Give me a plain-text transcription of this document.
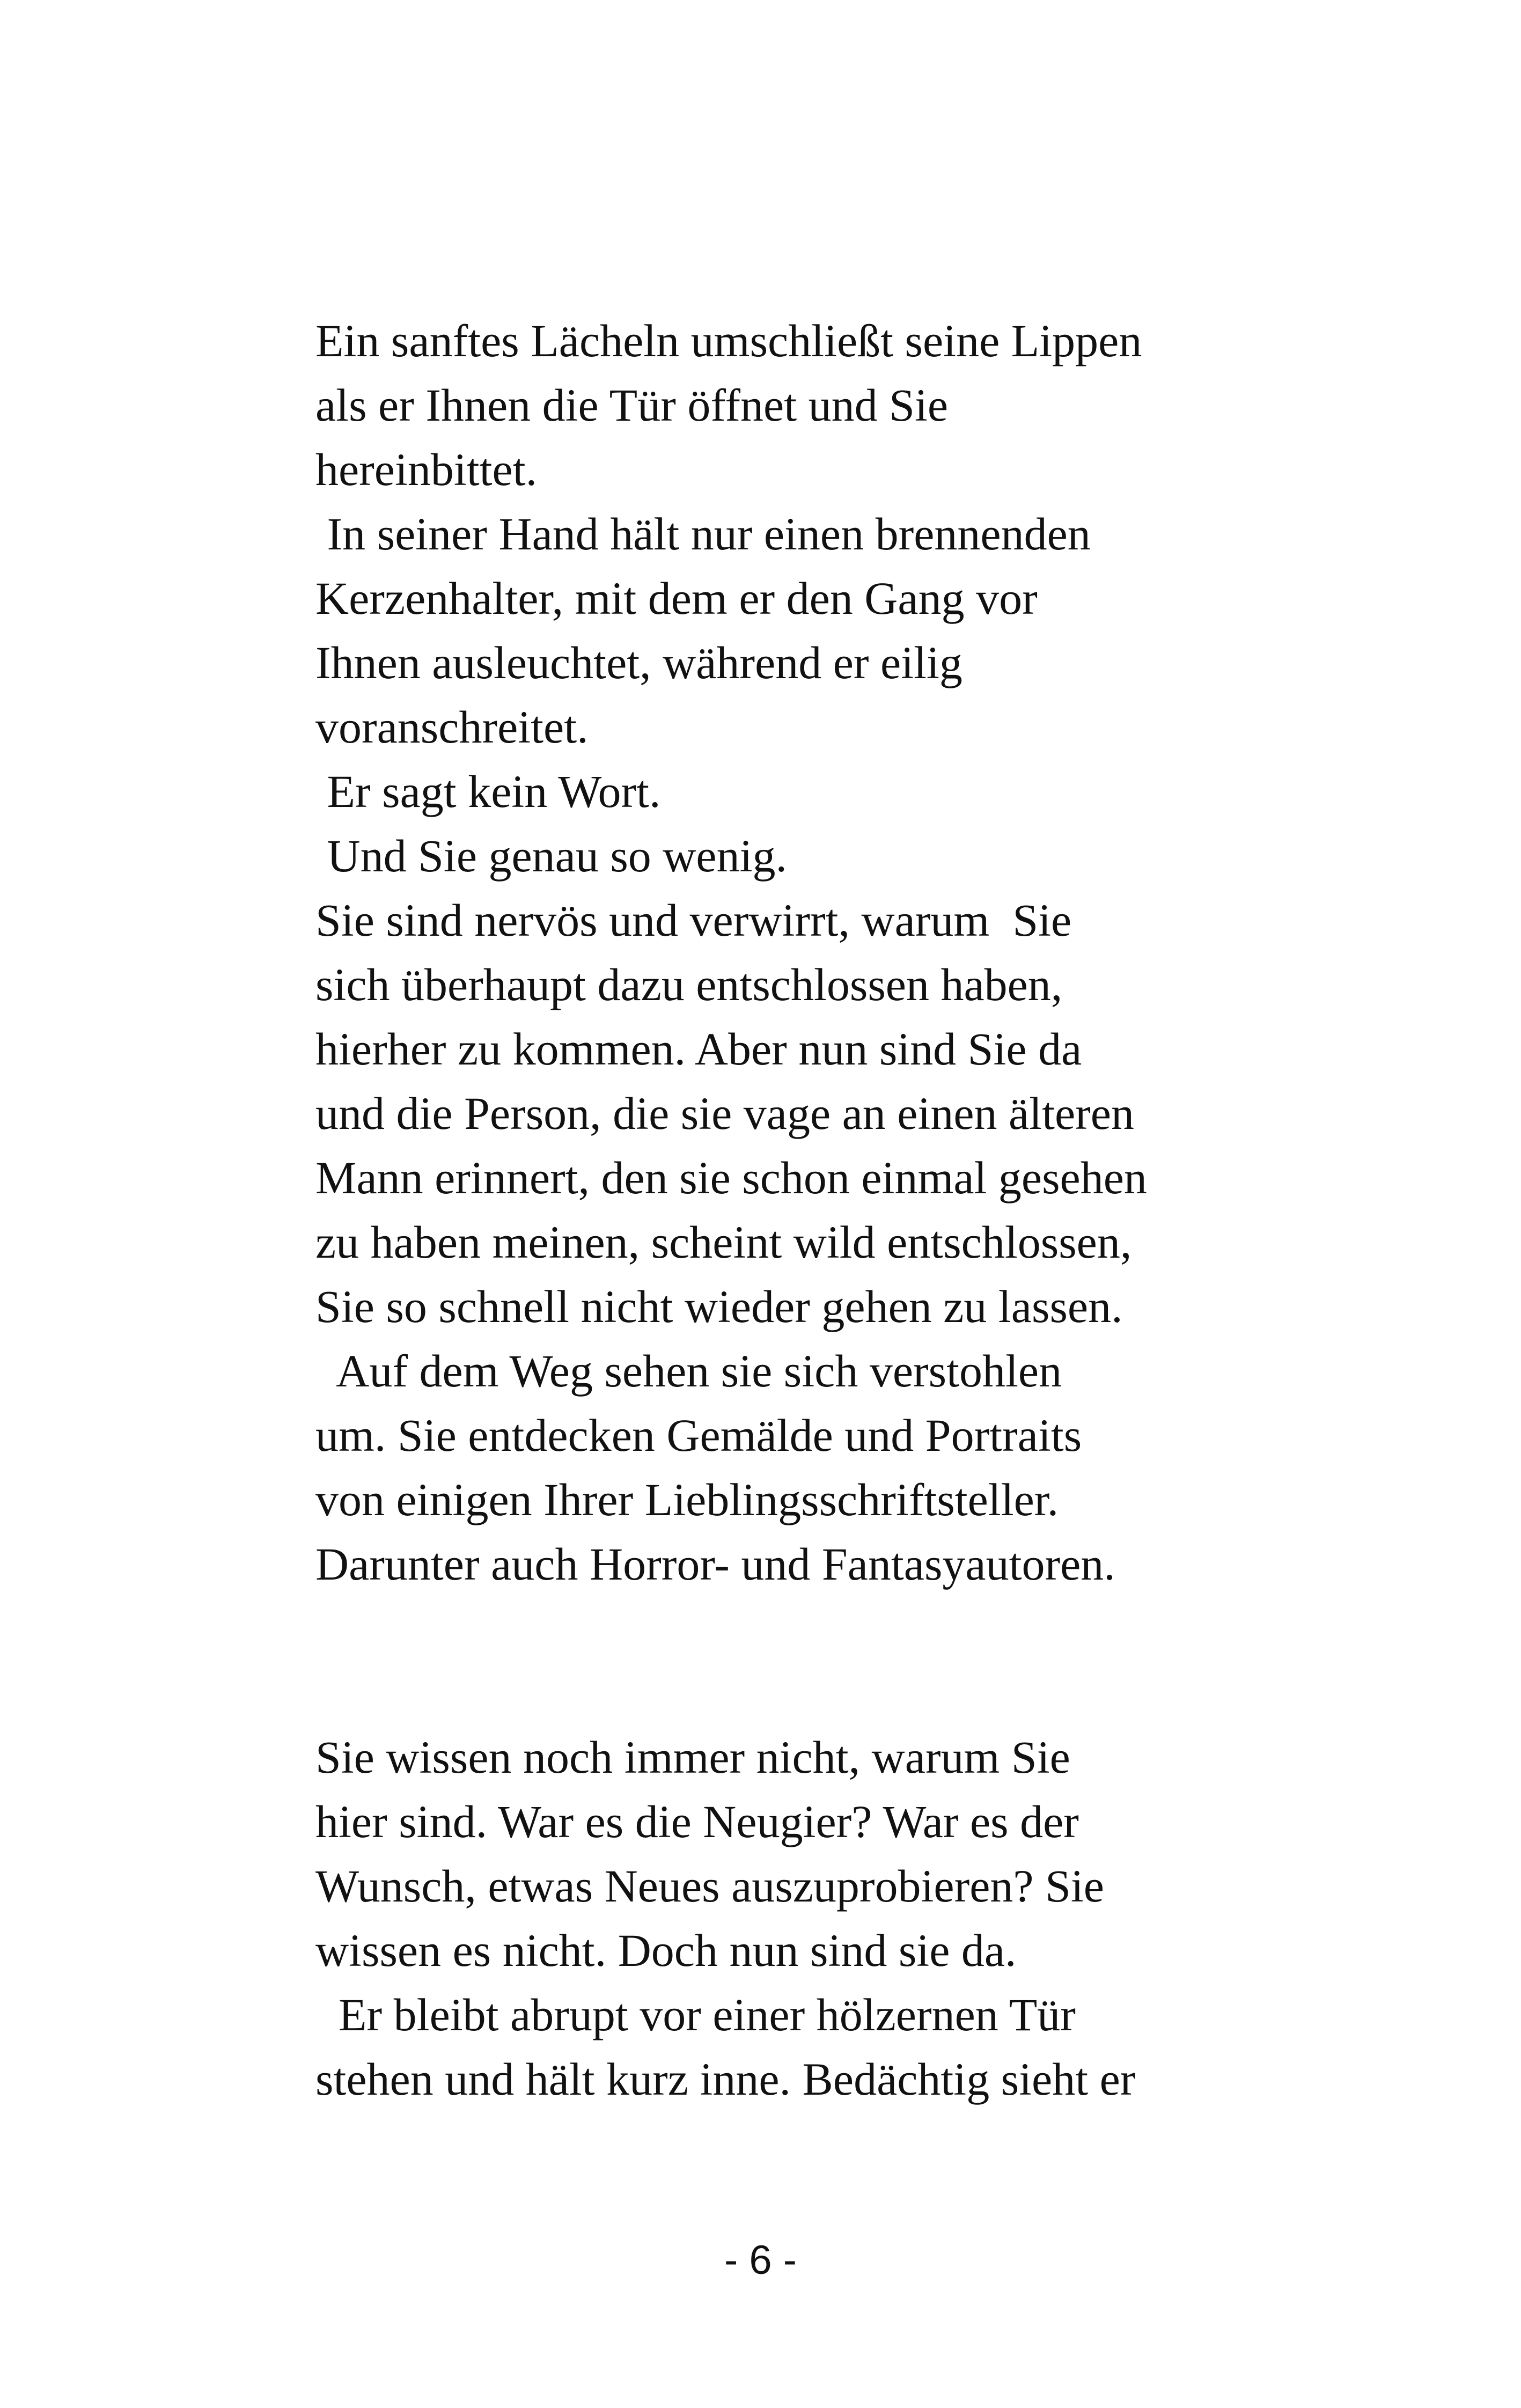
Ein sanftes Lächeln umschließt seine Lippen
als er Ihnen die Tür öffnet und Sie
hereinbittet.
In seiner Hand hält nur einen brennenden
Kerzenhalter, mit dem er den Gang vor
Ihnen ausleuchtet, während er eilig
voranschreitet.
Er sagt kein Wort.
Und Sie genau so wenig.
Sie sind nervös und verwirrt, warum  Sie
sich überhaupt dazu entschlossen haben,
hierher zu kommen. Aber nun sind Sie da
und die Person, die sie vage an einen älteren
Mann erinnert, den sie schon einmal gesehen
zu haben meinen, scheint wild entschlossen,
Sie so schnell nicht wieder gehen zu lassen.
Auf dem Weg sehen sie sich verstohlen
um. Sie entdecken Gemälde und Portraits
von einigen Ihrer Lieblingsschriftsteller.
Darunter auch Horror- und Fantasyautoren.
Sie wissen noch immer nicht, warum Sie
hier sind. War es die Neugier? War es der
Wunsch, etwas Neues auszuprobieren? Sie
wissen es nicht. Doch nun sind sie da.
Er bleibt abrupt vor einer hölzernen Tür
stehen und hält kurz inne. Bedächtig sieht er
- 6 -
